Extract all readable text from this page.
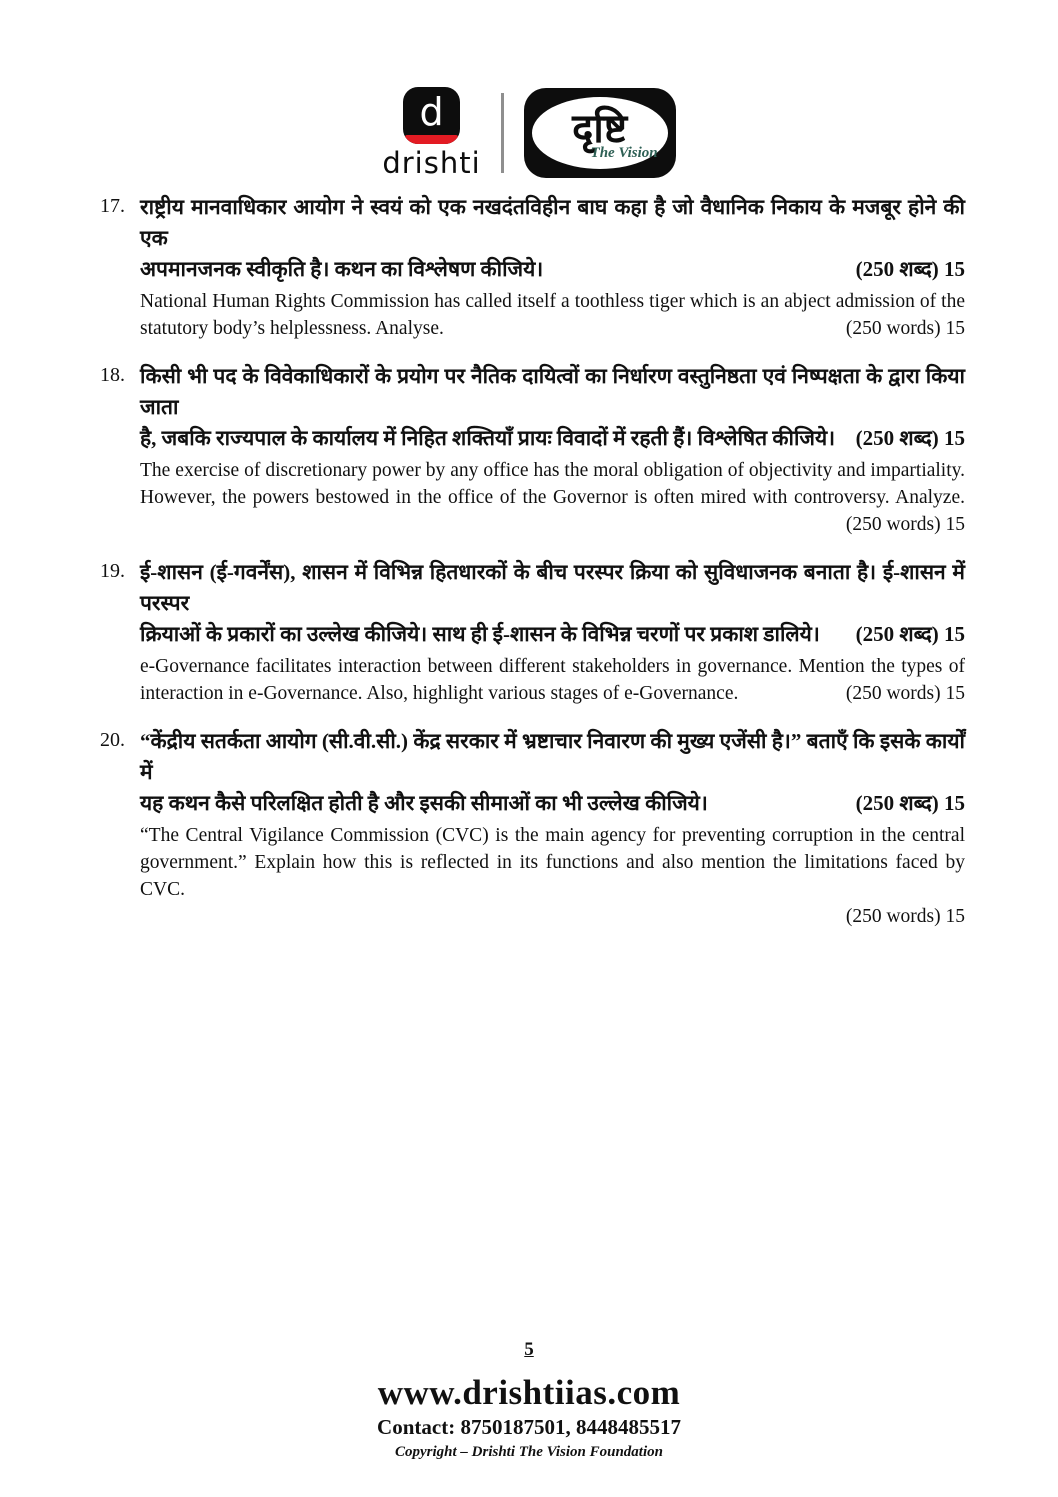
d
drishti
दृष्टि
The Vision
17. राष्ट्रीय मानवाधिकार आयोग ने स्वयं को एक नखदंतविहीन बाघ कहा है जो वैधानिक निकाय के मजबूर होने की एक
अपमानजनक स्वीकृति है। कथन का विश्लेषण कीजिये।	(250 शब्द) 15
National Human Rights Commission has called itself a toothless tiger which is an abject admission of the
statutory body’s helplessness. Analyse.	(250 words) 15
18. किसी भी पद के विवेकाधिकारों के प्रयोग पर नैतिक दायित्वों का निर्धारण वस्तुनिष्ठता एवं निष्पक्षता के द्वारा किया जाता
है, जबकि राज्यपाल के कार्यालय में निहित शक्तियाँ प्रायः विवादों में रहती हैं। विश्लेषित कीजिये। (250 शब्द) 15
The exercise of discretionary power by any office has the moral obligation of objectivity and impartiality.
However, the powers bestowed in the office of the Governor is often mired with controversy. Analyze.
(250 words) 15
19. ई-शासन (ई-गवर्नेंस), शासन में विभिन्न हितधारकों के बीच परस्पर क्रिया को सुविधाजनक बनाता है। ई-शासन में परस्पर
क्रियाओं के प्रकारों का उल्लेख कीजिये। साथ ही ई-शासन के विभिन्न चरणों पर प्रकाश डालिये। (250 शब्द) 15
e-Governance facilitates interaction between different stakeholders in governance. Mention the types of
interaction in e-Governance. Also, highlight various stages of e-Governance.	(250 words) 15
20. “केंद्रीय सतर्कता आयोग (सी.वी.सी.) केंद्र सरकार में भ्रष्टाचार निवारण की मुख्य एजेंसी है।” बताएँ कि इसके कार्यों में
यह कथन कैसे परिलक्षित होती है और इसकी सीमाओं का भी उल्लेख कीजिये।	(250 शब्द) 15
“The Central Vigilance Commission (CVC) is the main agency for preventing corruption in the central
government.” Explain how this is reflected in its functions and also mention the limitations faced by CVC.
(250 words) 15
5
www.drishtiias.com
Contact: 8750187501, 8448485517
Copyright – Drishti The Vision Foundation
